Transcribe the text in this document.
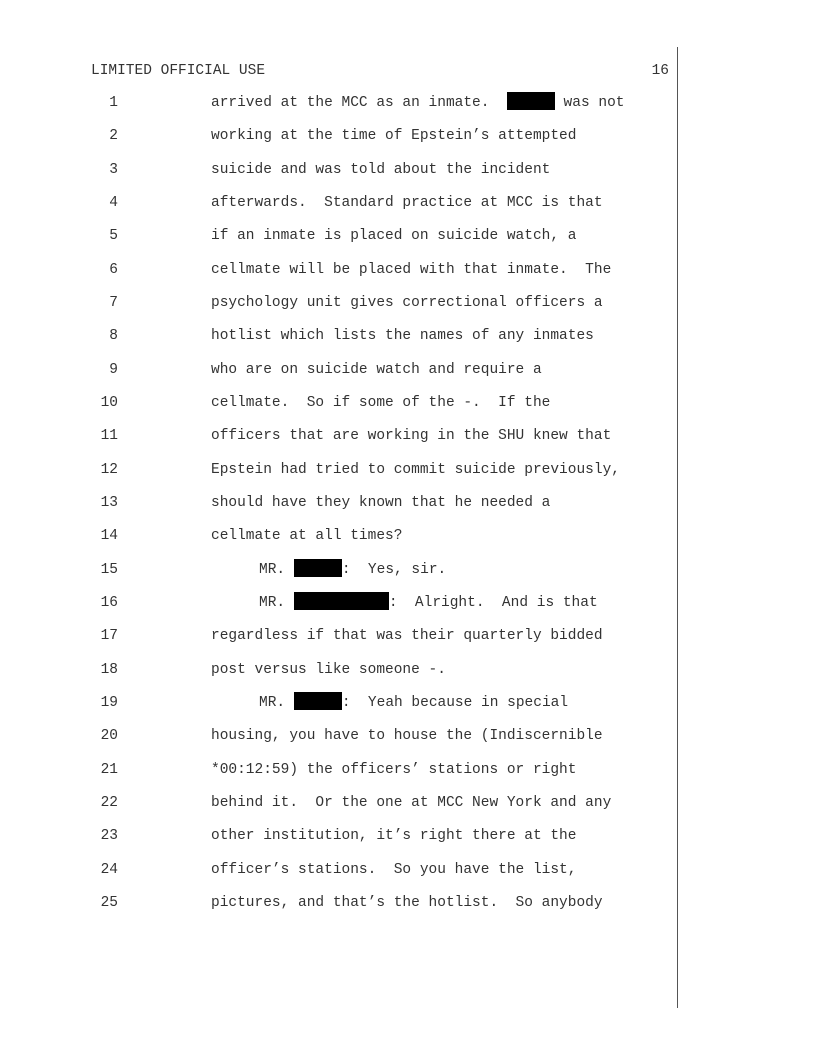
LIMITED OFFICIAL USE	16
1	arrived at the MCC as an inmate.	was not
2	working at the time of Epstein’s attempted
3	suicide and was told about the incident
4	afterwards.  Standard practice at MCC is that
5	if an inmate is placed on suicide watch, a
6	cellmate will be placed with that inmate.  The
7	psychology unit gives correctional officers a
8	hotlist which lists the names of any inmates
9	who are on suicide watch and require a
10	cellmate.  So if some of the -.  If the
11	officers that are working in the SHU knew that
12	Epstein had tried to commit suicide previously,
13	should have they known that he needed a
14	cellmate at all times?
15	MR.	:  Yes, sir.
16	MR.	:  Alright.  And is that
17	regardless if that was their quarterly bidded
18	post versus like someone -.
19	MR.	:  Yeah because in special
20	housing, you have to house the (Indiscernible
21	*00:12:59) the officers’ stations or right
22	behind it.  Or the one at MCC New York and any
23	other institution, it’s right there at the
24	officer’s stations.  So you have the list,
25	pictures, and that’s the hotlist.  So anybody
